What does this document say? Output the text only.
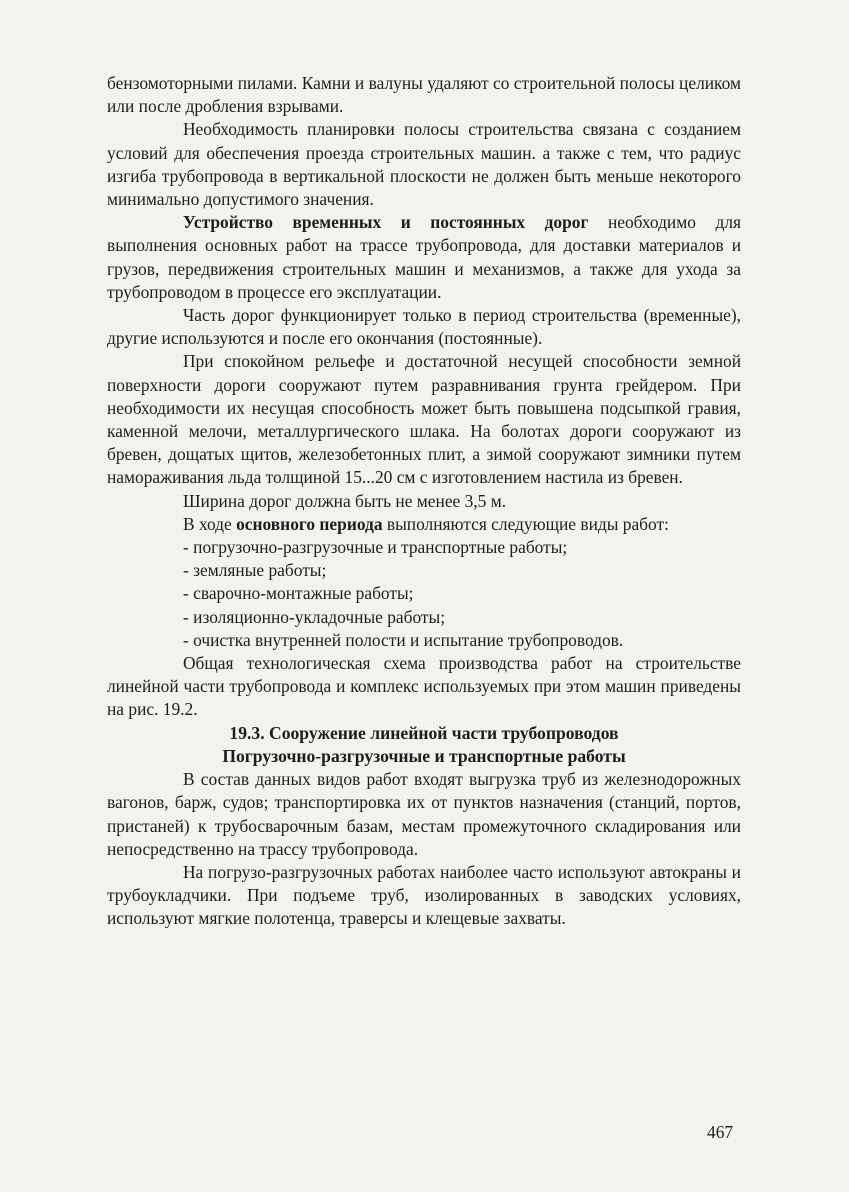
бензомоторными пилами. Камни и валуны удаляют со строительной полосы целиком или после дробления взрывами.

Необходимость планировки полосы строительства связана с созданием условий для обеспечения проезда строительных машин. а также с тем, что радиус изгиба трубопровода в вертикальной плоскости не должен быть меньше некоторого минимально допустимого значения.

Устройство временных и постоянных дорог необходимо для выполнения основных работ на трассе трубопровода, для доставки материалов и грузов, передвижения строительных машин и механизмов, а также для ухода за трубопроводом в процессе его эксплуатации.

Часть дорог функционирует только в период строительства (временные), другие используются и после его окончания (постоянные).

При спокойном рельефе и достаточной несущей способности земной поверхности дороги сооружают путем разравнивания грунта грейдером. При необходимости их несущая способность может быть повышена подсыпкой гравия, каменной мелочи, металлургического шлака. На болотах дороги сооружают из бревен, дощатых щитов, железобетонных плит, а зимой сооружают зимники путем намораживания льда толщиной 15...20 см с изготовлением настила из бревен.

Ширина дорог должна быть не менее 3,5 м.

В ходе основного периода выполняются следующие виды работ:

- погрузочно-разгрузочные и транспортные работы;

- земляные работы;

- сварочно-монтажные работы;

- изоляционно-укладочные работы;

- очистка внутренней полости и испытание трубопроводов.

Общая технологическая схема производства работ на строительстве линейной части трубопровода и комплекс используемых при этом машин приведены на рис. 19.2.

19.3. Сооружение линейной части трубопроводов

Погрузочно-разгрузочные и транспортные работы

В состав данных видов работ входят выгрузка труб из железнодорожных вагонов, барж, судов; транспортировка их от пунктов назначения (станций, портов, пристаней) к трубосварочным базам, местам промежуточного складирования или непосредственно на трассу трубопровода.

На погрузо-разгрузочных работах наиболее часто используют автокраны и трубоукладчики. При подъеме труб, изолированных в заводских условиях, используют мягкие полотенца, траверсы и клещевые захваты.

467
